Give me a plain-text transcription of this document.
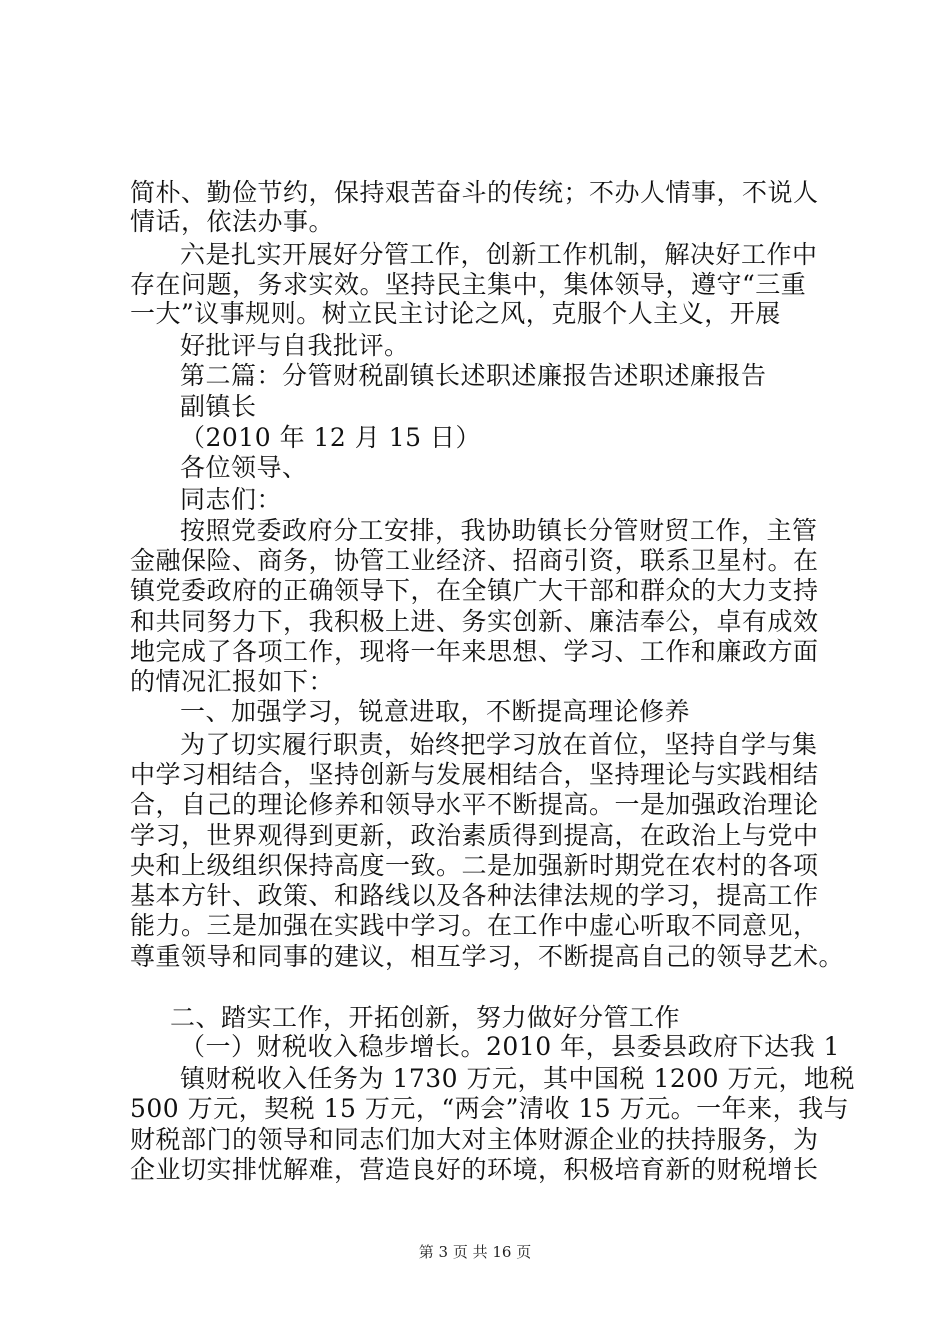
简朴、勤俭节约，保持艰苦奋斗的传统；不办人情事，不说人
情话，依法办事。
六是扎实开展好分管工作，创新工作机制，解决好工作中
存在问题，务求实效。坚持民主集中，集体领导，遵守“三重
一大”议事规则。树立民主讨论之风，克服个人主义，开展
好批评与自我批评。
第二篇：分管财税副镇长述职述廉报告述职述廉报告
副镇长
（2010 年 12 月 15 日）
各位领导、
同志们：
按照党委政府分工安排，我协助镇长分管财贸工作，主管
金融保险、商务，协管工业经济、招商引资，联系卫星村。在
镇党委政府的正确领导下，在全镇广大干部和群众的大力支持
和共同努力下，我积极上进、务实创新、廉洁奉公，卓有成效
地完成了各项工作，现将一年来思想、学习、工作和廉政方面
的情况汇报如下：
一、加强学习，锐意进取，不断提高理论修养
为了切实履行职责，始终把学习放在首位，坚持自学与集
中学习相结合，坚持创新与发展相结合，坚持理论与实践相结
合，自己的理论修养和领导水平不断提高。一是加强政治理论
学习，世界观得到更新，政治素质得到提高，在政治上与党中
央和上级组织保持高度一致。二是加强新时期党在农村的各项
基本方针、政策、和路线以及各种法律法规的学习，提高工作
能力。三是加强在实践中学习。在工作中虚心听取不同意见，
尊重领导和同事的建议，相互学习，不断提高自己的领导艺术。
二、踏实工作，开拓创新，努力做好分管工作
（一）财税收入稳步增长。2010 年，县委县政府下达我 1
镇财税收入任务为 1730 万元，其中国税 1200 万元，地税
500 万元，契税 15 万元，“两会”清收 15 万元。一年来，我与
财税部门的领导和同志们加大对主体财源企业的扶持服务，为
企业切实排忧解难，营造良好的环境，积极培育新的财税增长
第 3 页 共 16 页
